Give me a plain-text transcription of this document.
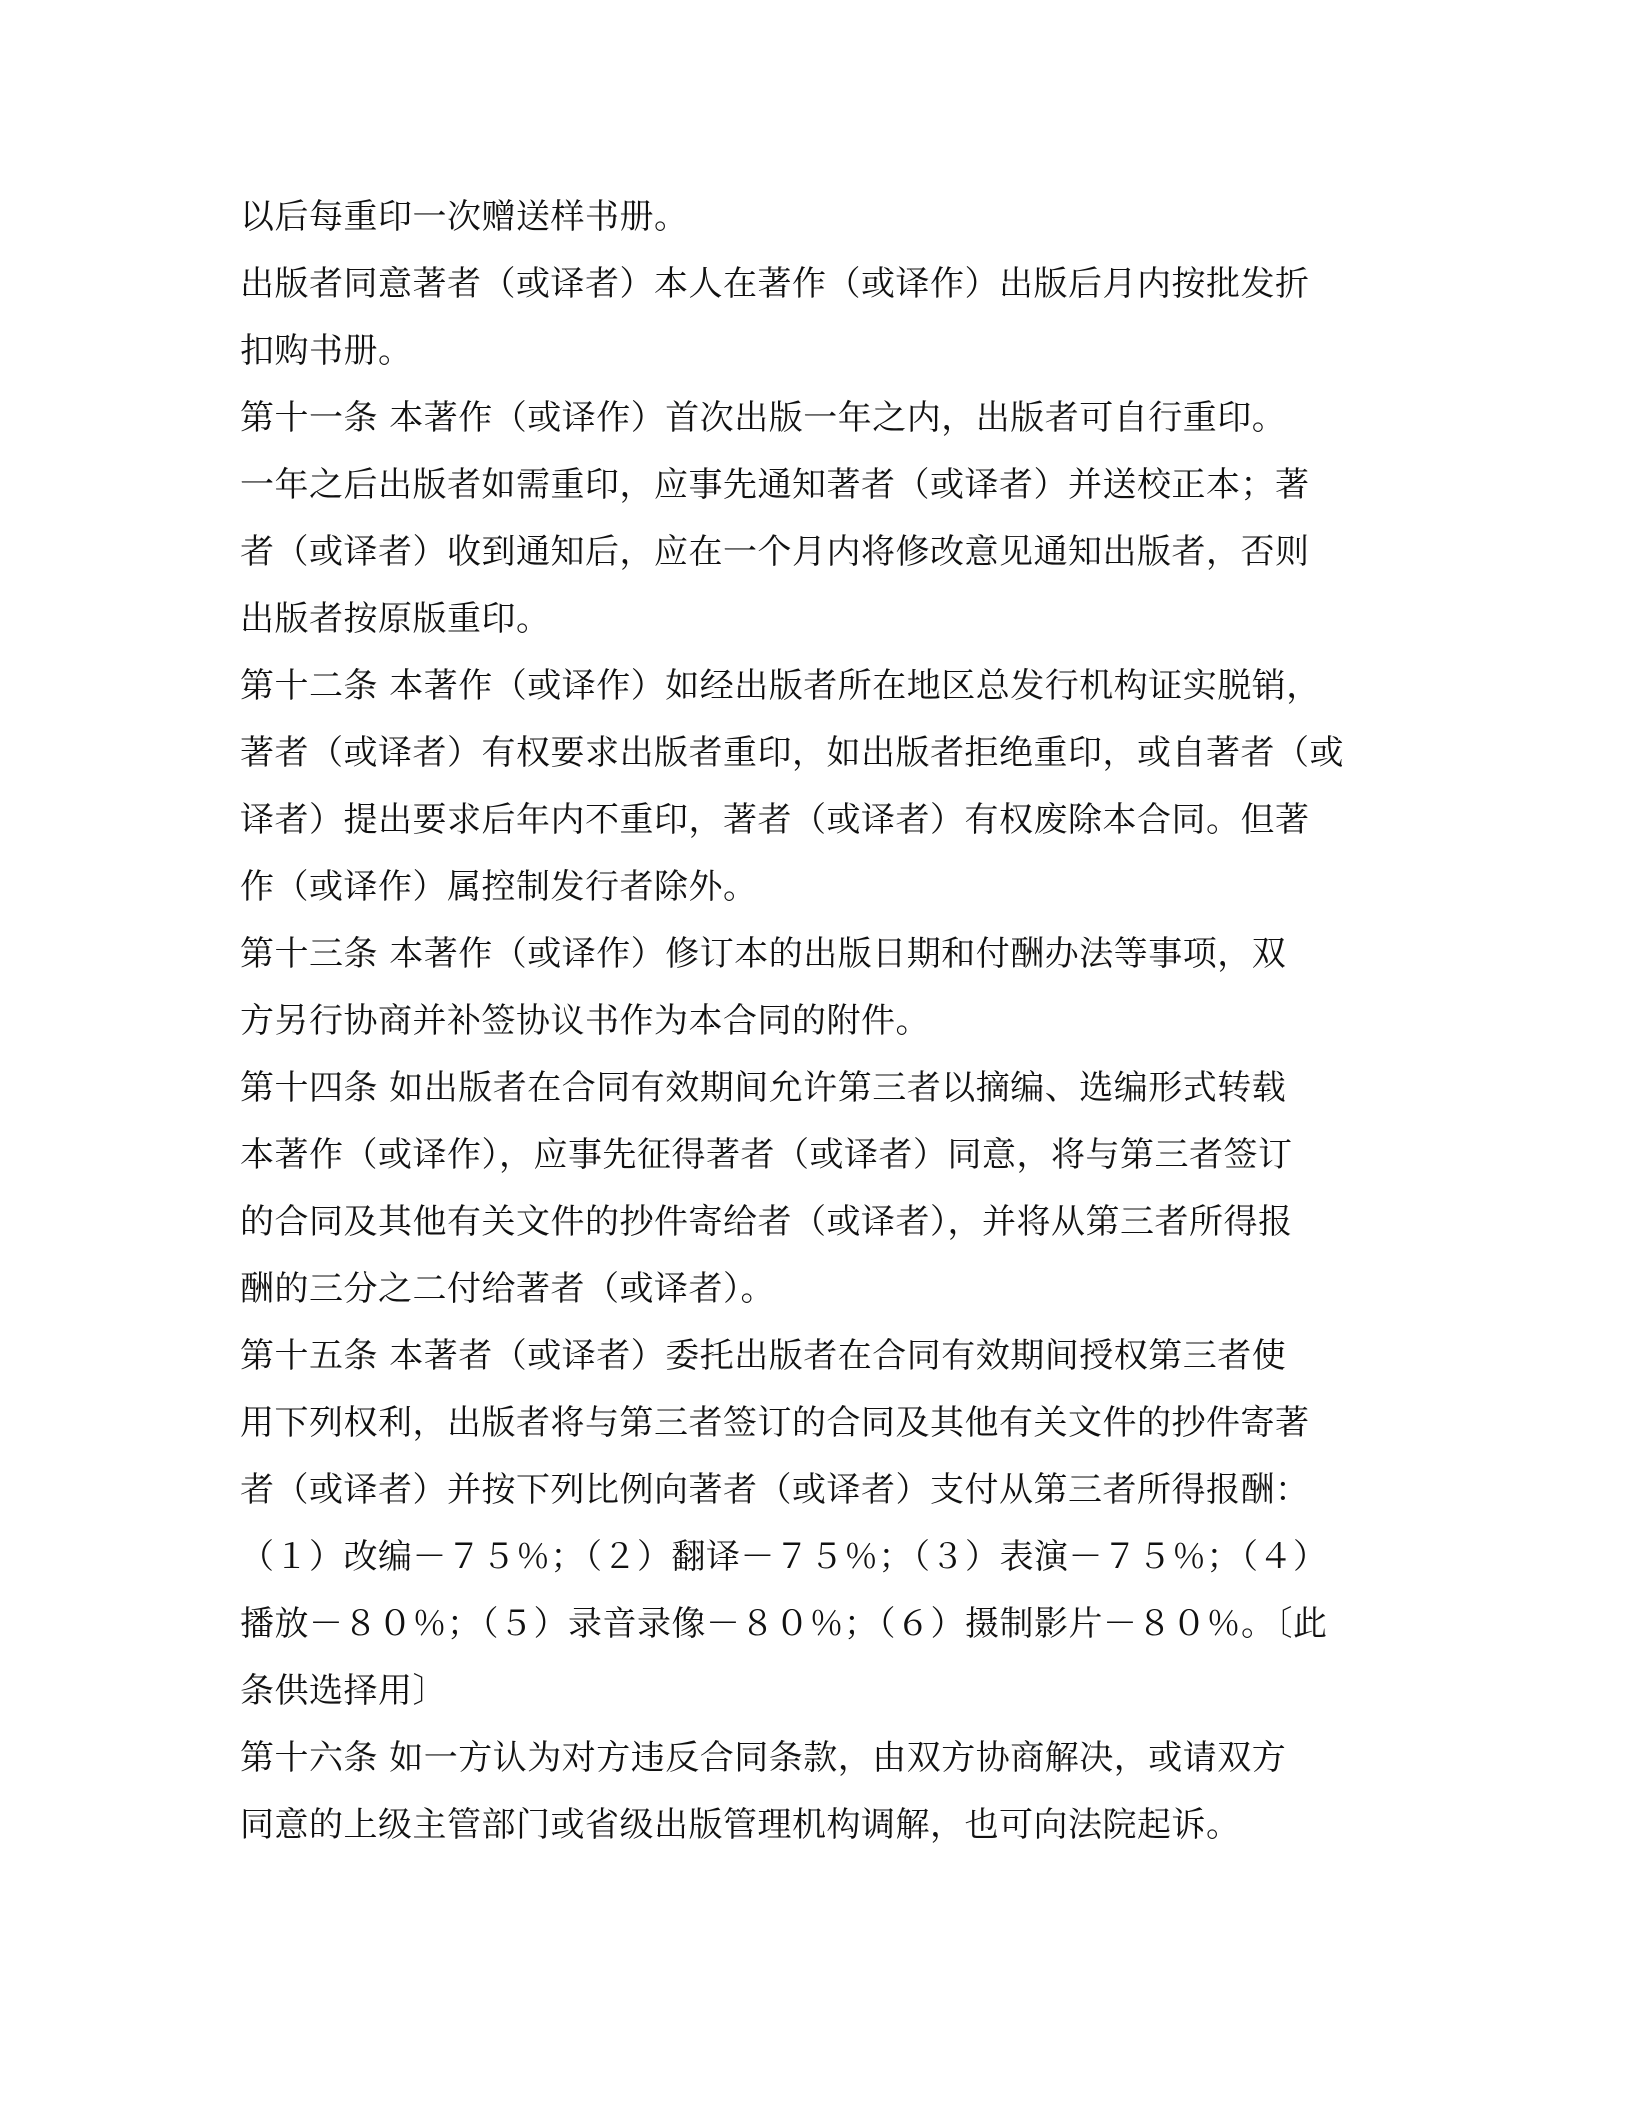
以后每重印一次赠送样书册。
出版者同意著者（或译者）本人在著作（或译作）出版后月内按批发折
扣购书册。
第十一条 本著作（或译作）首次出版一年之内，出版者可自行重印。
一年之后出版者如需重印，应事先通知著者（或译者）并送校正本；著
者（或译者）收到通知后，应在一个月内将修改意见通知出版者，否则
出版者按原版重印。
第十二条 本著作（或译作）如经出版者所在地区总发行机构证实脱销，
著者（或译者）有权要求出版者重印，如出版者拒绝重印，或自著者（或
译者）提出要求后年内不重印，著者（或译者）有权废除本合同。但著
作（或译作）属控制发行者除外。
第十三条 本著作（或译作）修订本的出版日期和付酬办法等事项，双
方另行协商并补签协议书作为本合同的附件。
第十四条 如出版者在合同有效期间允许第三者以摘编、选编形式转载
本著作（或译作），应事先征得著者（或译者）同意，将与第三者签订
的合同及其他有关文件的抄件寄给者（或译者），并将从第三者所得报
酬的三分之二付给著者（或译者）。
第十五条 本著者（或译者）委托出版者在合同有效期间授权第三者使
用下列权利，出版者将与第三者签订的合同及其他有关文件的抄件寄著
者（或译者）并按下列比例向著者（或译者）支付从第三者所得报酬：
（１）改编－７５％；（２）翻译－７５％；（３）表演－７５％；（４）
播放－８０％；（５）录音录像－８０％；（６）摄制影片－８０％。〔此
条供选择用〕
第十六条 如一方认为对方违反合同条款，由双方协商解决，或请双方
同意的上级主管部门或省级出版管理机构调解，也可向法院起诉。
